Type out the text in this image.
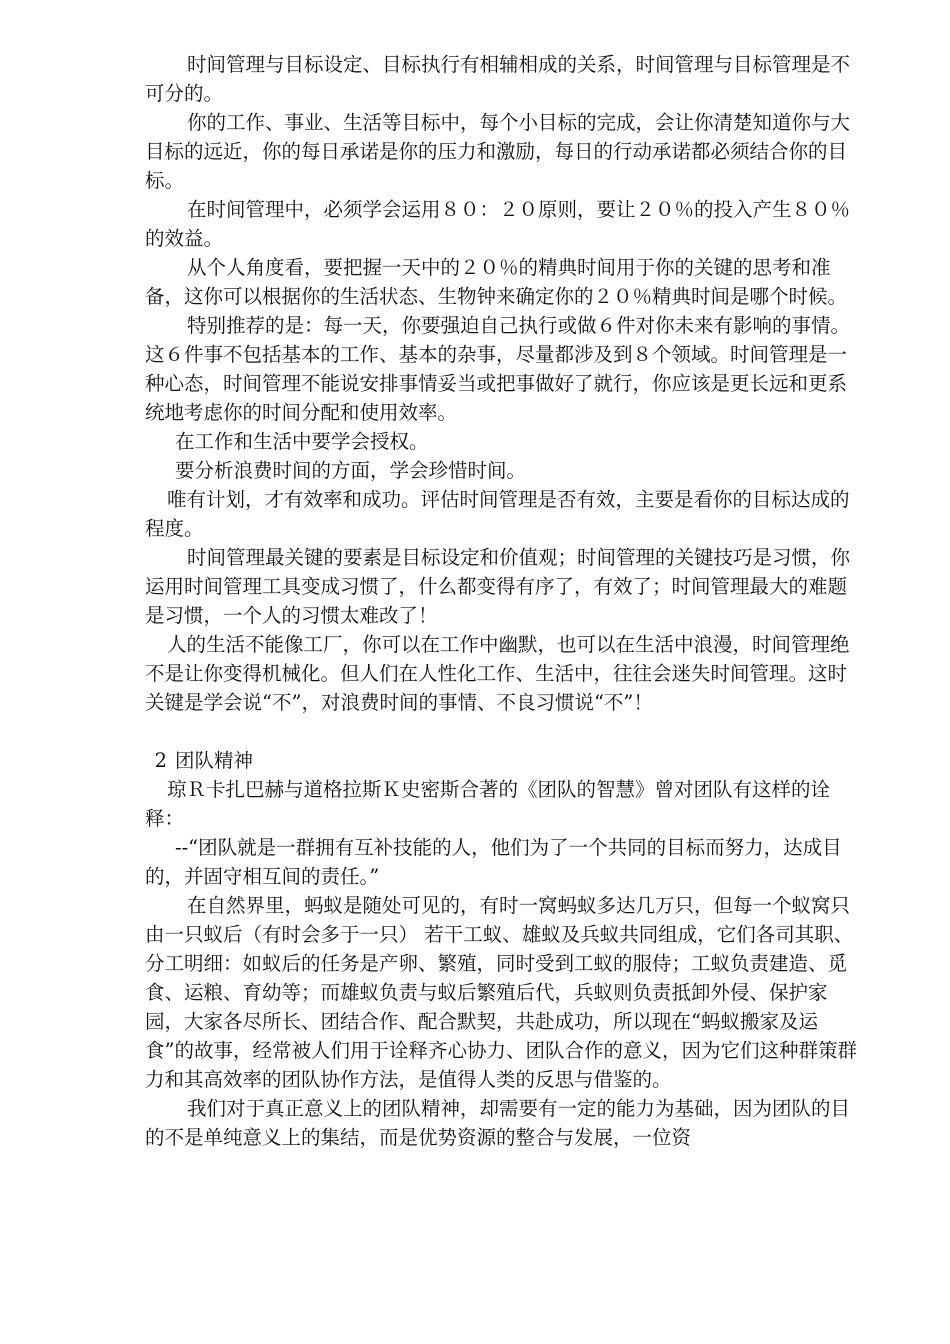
时间管理与目标设定、目标执行有相辅相成的关系，时间管理与目标管理是不可分的。

你的工作、事业、生活等目标中，每个小目标的完成，会让你清楚知道你与大目标的远近，你的每日承诺是你的压力和激励，每日的行动承诺都必须结合你的目标。

在时间管理中，必须学会运用８０：２０原则，要让２０％的投入产生８０％的效益。

从个人角度看，要把握一天中的２０％的精典时间用于你的关键的思考和准备，这你可以根据你的生活状态、生物钟来确定你的２０％精典时间是哪个时候。

特别推荐的是：每一天，你要强迫自己执行或做６件对你未来有影响的事情。这６件事不包括基本的工作、基本的杂事，尽量都涉及到８个领域。时间管理是一种心态，时间管理不能说安排事情妥当或把事做好了就行，你应该是更长远和更系统地考虑你的时间分配和使用效率。

在工作和生活中要学会授权。

要分析浪费时间的方面，学会珍惜时间。

唯有计划，才有效率和成功。评估时间管理是否有效，主要是看你的目标达成的程度。

时间管理最关键的要素是目标设定和价值观；时间管理的关键技巧是习惯，你运用时间管理工具变成习惯了，什么都变得有序了，有效了；时间管理最大的难题是习惯，一个人的习惯太难改了！

人的生活不能像工厂，你可以在工作中幽默，也可以在生活中浪漫，时间管理绝不是让你变得机械化。但人们在人性化工作、生活中，往往会迷失时间管理。这时关键是学会说“不”，对浪费时间的事情、不良习惯说“不”！

2 团队精神

琼Ｒ卡扎巴赫与道格拉斯Ｋ史密斯合著的《团队的智慧》曾对团队有这样的诠释：

--“团队就是一群拥有互补技能的人，他们为了一个共同的目标而努力，达成目的，并固守相互间的责任。”

在自然界里，蚂蚁是随处可见的，有时一窝蚂蚁多达几万只，但每一个蚁窝只由一只蚁后（有时会多于一只） 若干工蚁、雄蚁及兵蚁共同组成，它们各司其职、分工明细：如蚁后的任务是产卵、繁殖，同时受到工蚁的服侍；工蚁负责建造、觅食、运粮、育幼等；而雄蚁负责与蚁后繁殖后代，兵蚁则负责抵卸外侵、保护家园，大家各尽所长、团结合作、配合默契，共赴成功，所以现在“蚂蚁搬家及运食”的故事，经常被人们用于诠释齐心协力、团队合作的意义，因为它们这种群策群力和其高效率的团队协作方法，是值得人类的反思与借鉴的。

我们对于真正意义上的团队精神，却需要有一定的能力为基础，因为团队的目的不是单纯意义上的集结，而是优势资源的整合与发展，一位资
